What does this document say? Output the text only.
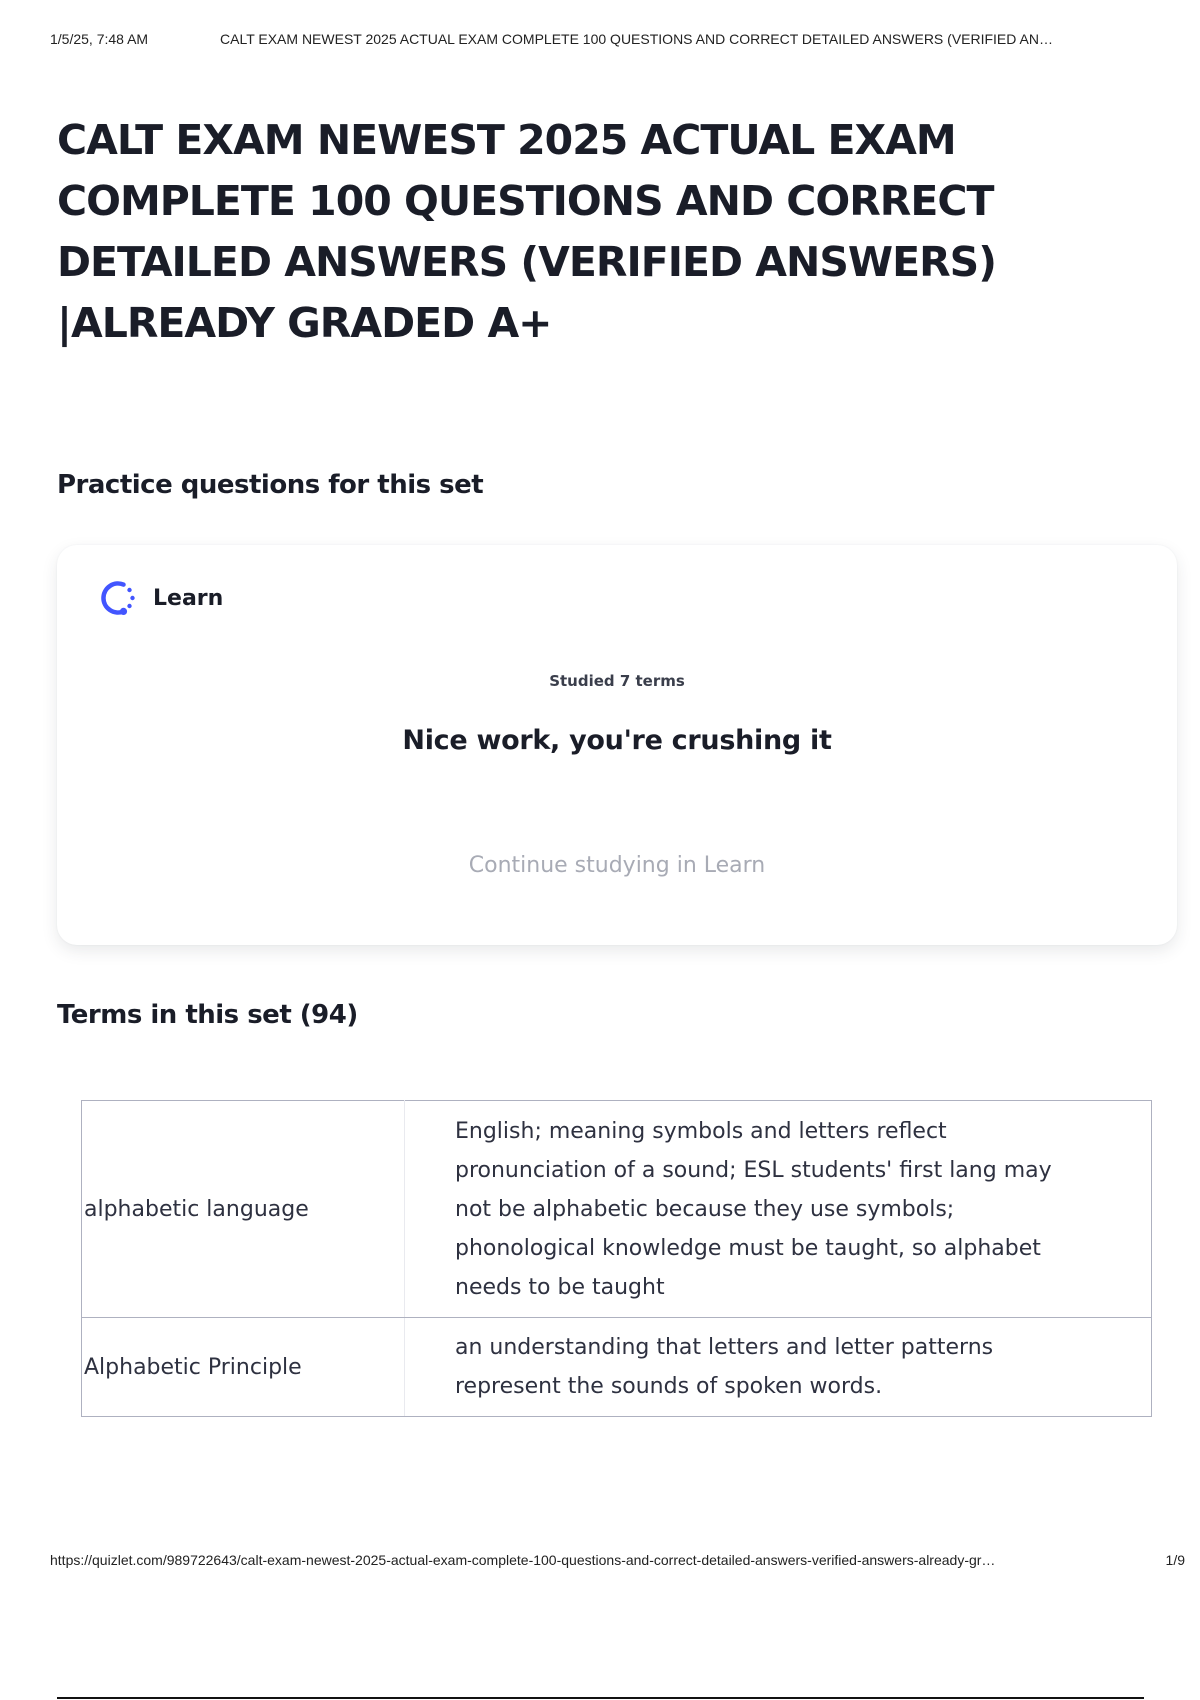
1/5/25, 7:48 AM	CALT EXAM NEWEST 2025 ACTUAL EXAM COMPLETE 100 QUESTIONS AND CORRECT DETAILED ANSWERS (VERIFIED AN…
CALT EXAM NEWEST 2025 ACTUAL EXAM COMPLETE 100 QUESTIONS AND CORRECT DETAILED ANSWERS (VERIFIED ANSWERS) |ALREADY GRADED A+
Practice questions for this set
Learn
Studied 7 terms
Nice work, you're crushing it
Continue studying in Learn
Terms in this set (94)
alphabetic language	English; meaning symbols and letters reflect pronunciation of a sound; ESL students' first lang may not be alphabetic because they use symbols; phonological knowledge must be taught, so alphabet needs to be taught
Alphabetic Principle	an understanding that letters and letter patterns represent the sounds of spoken words.
https://quizlet.com/989722643/calt-exam-newest-2025-actual-exam-complete-100-questions-and-correct-detailed-answers-verified-answers-already-gr…	1/9
